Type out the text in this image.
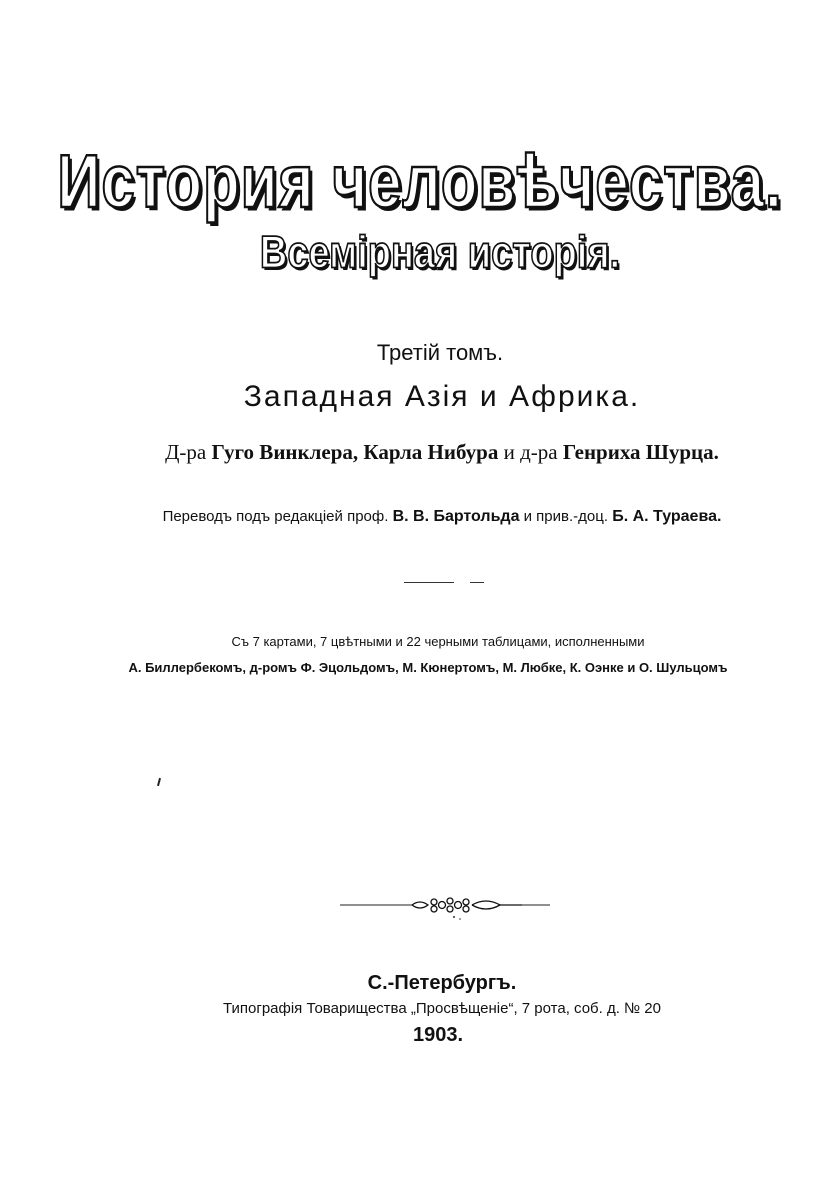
История человѣчества.
Всемірная исторія.
Третій томъ.
Западная Азія и Африка.
Д-ра Гуго Винклера, Карла Нибура и д-ра Генриха Шурца.
Переводъ подъ редакціей проф. В. В. Бартольда и прив.-доц. Б. А. Тураева.
Съ 7 картами, 7 цвѣтными и 22 черными таблицами, исполненными
А. Биллербекомъ, д-ромъ Ф. Эцольдомъ, М. Кюнертомъ, М. Любке, К. Оэнке и О. Шульцомъ
С.-Петербургъ.
Типографія Товарищества „Просвѣщеніе“, 7 рота, соб. д. № 20
1903.
